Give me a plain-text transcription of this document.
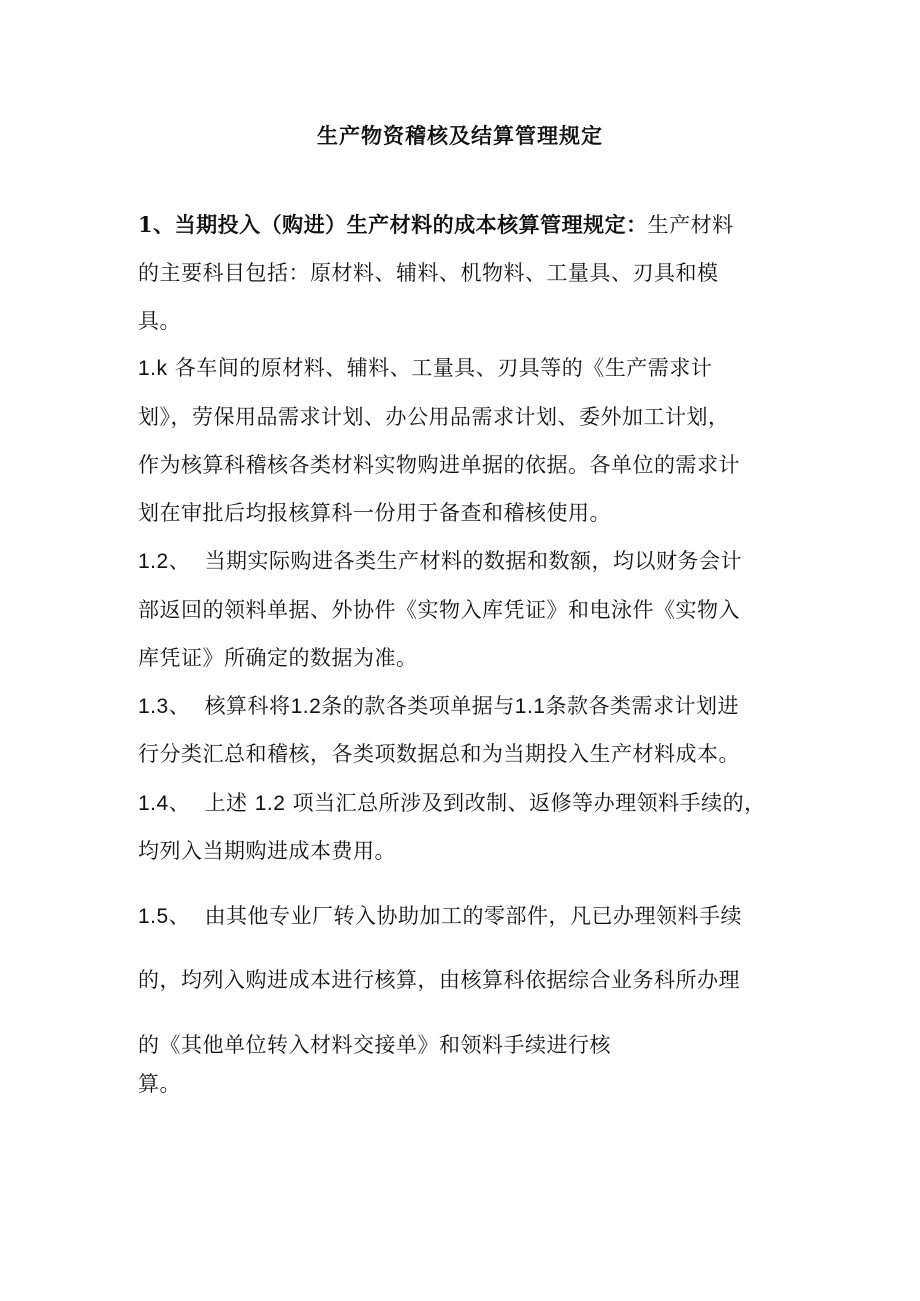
生产物资稽核及结算管理规定
1、当期投入（购进）生产材料的成本核算管理规定：生产材料
的主要科目包括：原材料、辅料、机物料、工量具、刃具和模
具。
1.k 各车间的原材料、辅料、工量具、刃具等的《生产需求计
划》，劳保用品需求计划、办公用品需求计划、委外加工计划，
作为核算科稽核各类材料实物购进单据的依据。各单位的需求计
划在审批后均报核算科一份用于备查和稽核使用。
1.2、 当期实际购进各类生产材料的数据和数额，均以财务会计
部返回的领料单据、外协件《实物入库凭证》和电泳件《实物入
库凭证》所确定的数据为准。
1.3、 核算科将1.2条的款各类项单据与1.1条款各类需求计划进
行分类汇总和稽核，各类项数据总和为当期投入生产材料成本。
1.4、 上述 1.2 项当汇总所涉及到改制、返修等办理领料手续的，
均列入当期购进成本费用。
1.5、 由其他专业厂转入协助加工的零部件，凡已办理领料手续
的，均列入购进成本进行核算，由核算科依据综合业务科所办理
的《其他单位转入材料交接单》和领料手续进行核
算。
